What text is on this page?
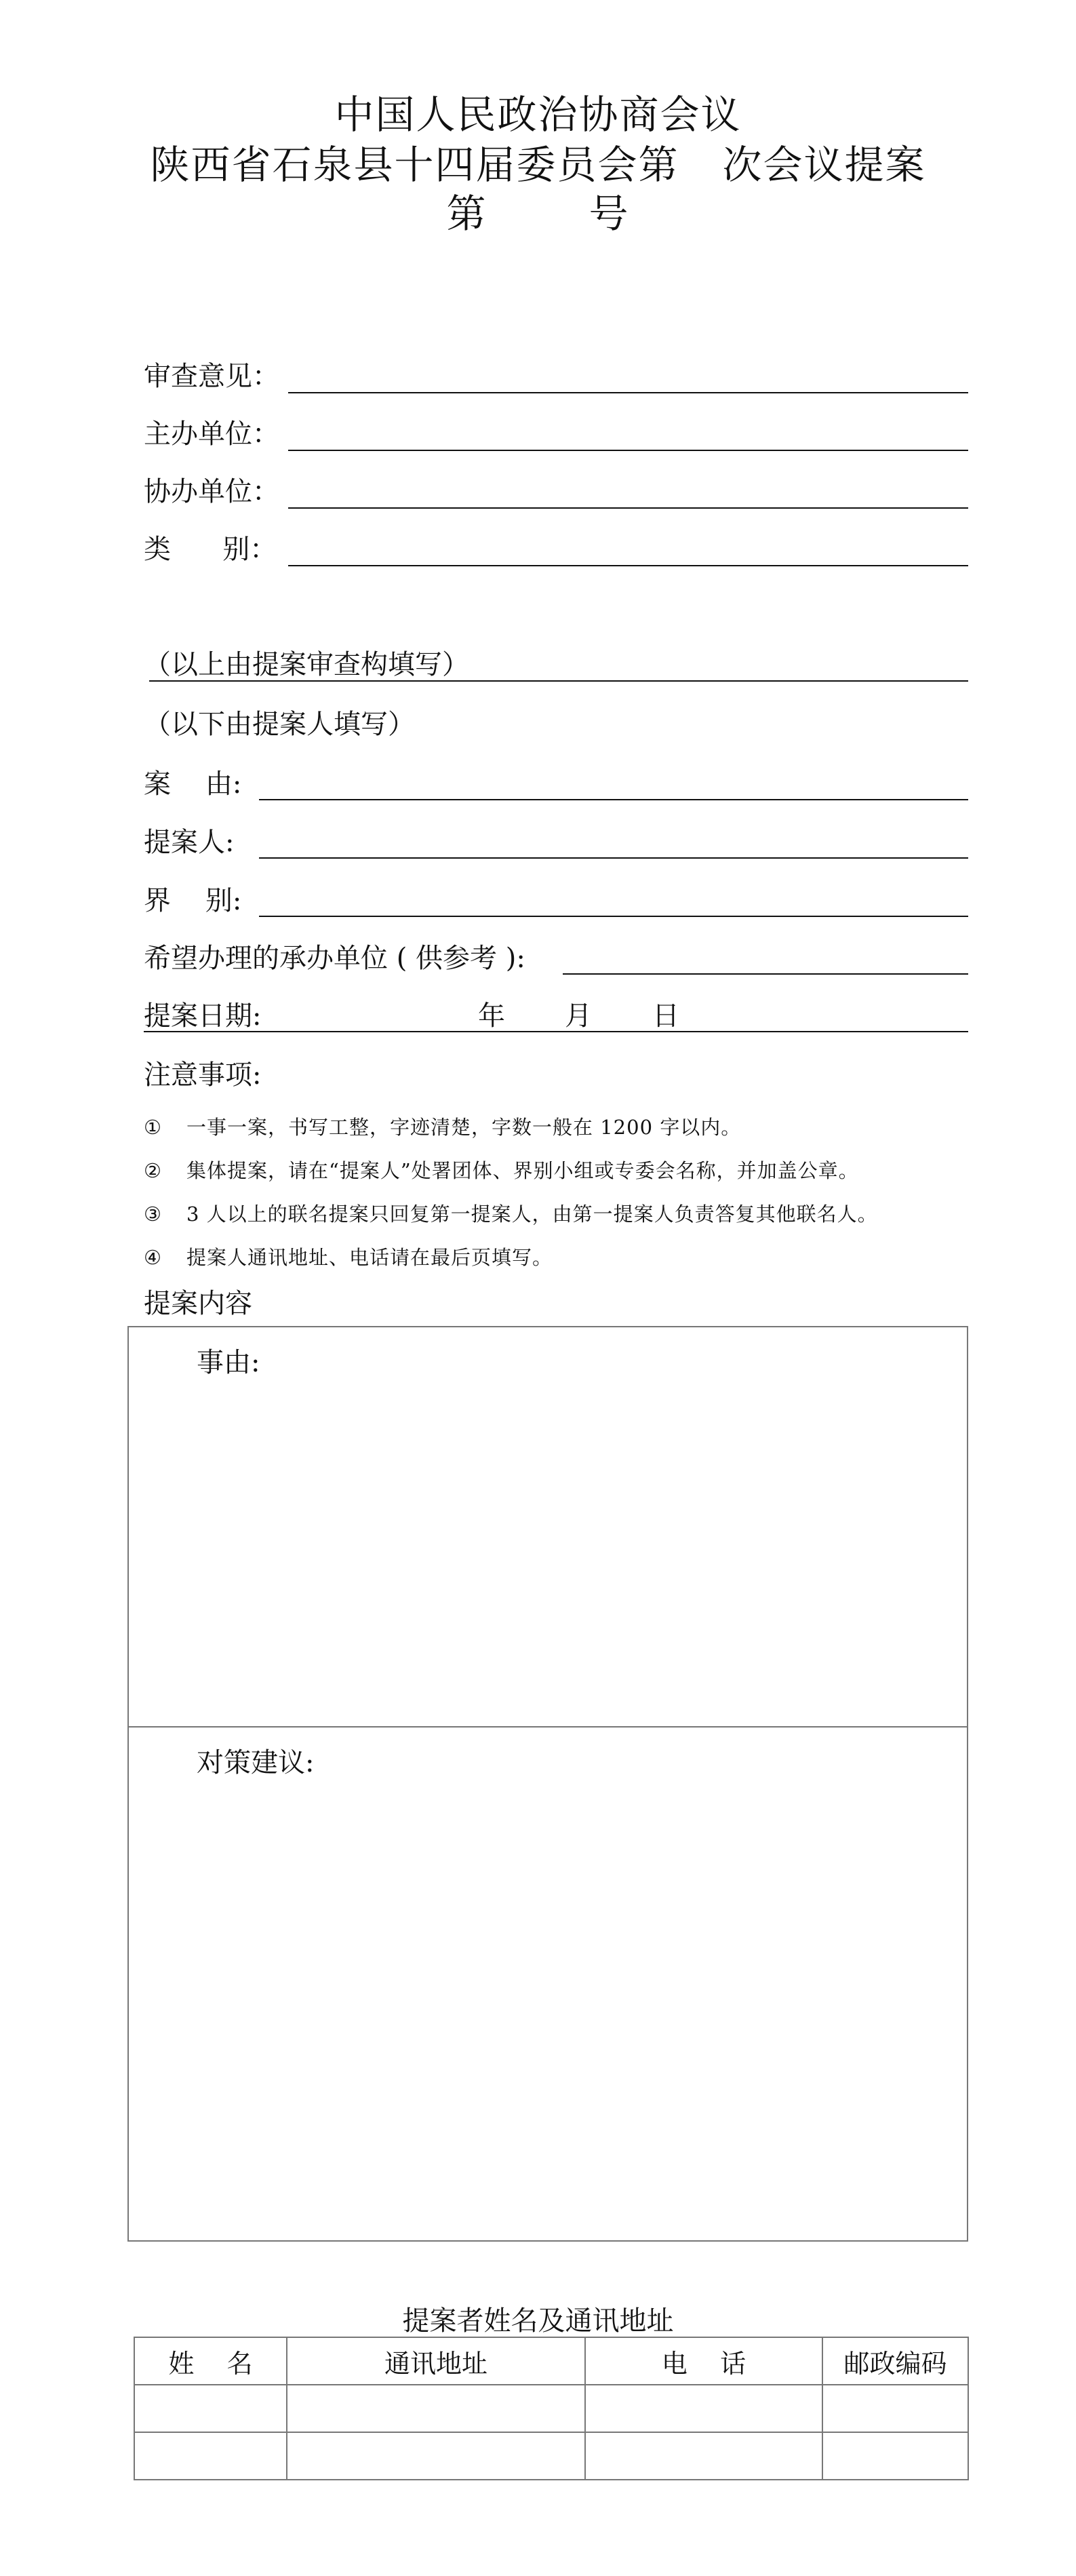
中国人民政治协商会议
陕西省石泉县十四届委员会第 次会议提案
第	号
审查意见：
主办单位：
协办单位：
类      别：
（以上由提案审查构填写）
（以下由提案人填写）
案    由:
提案人:
界    别:
希望办理的承办单位 ( 供参考 ):
提案日期:	年 月 日
注意事项:
① 一事一案，书写工整，字迹清楚，字数一般在 1200 字以内。
② 集体提案，请在“提案人”处署团体、界别小组或专委会名称，并加盖公章。
③ 3 人以上的联名提案只回复第一提案人，由第一提案人负责答复其他联名人。
④ 提案人通讯地址、电话请在最后页填写。
提案内容
事由:
对策建议:
提案者姓名及通讯地址
姓    名	通讯地址	电    话	邮政编码
